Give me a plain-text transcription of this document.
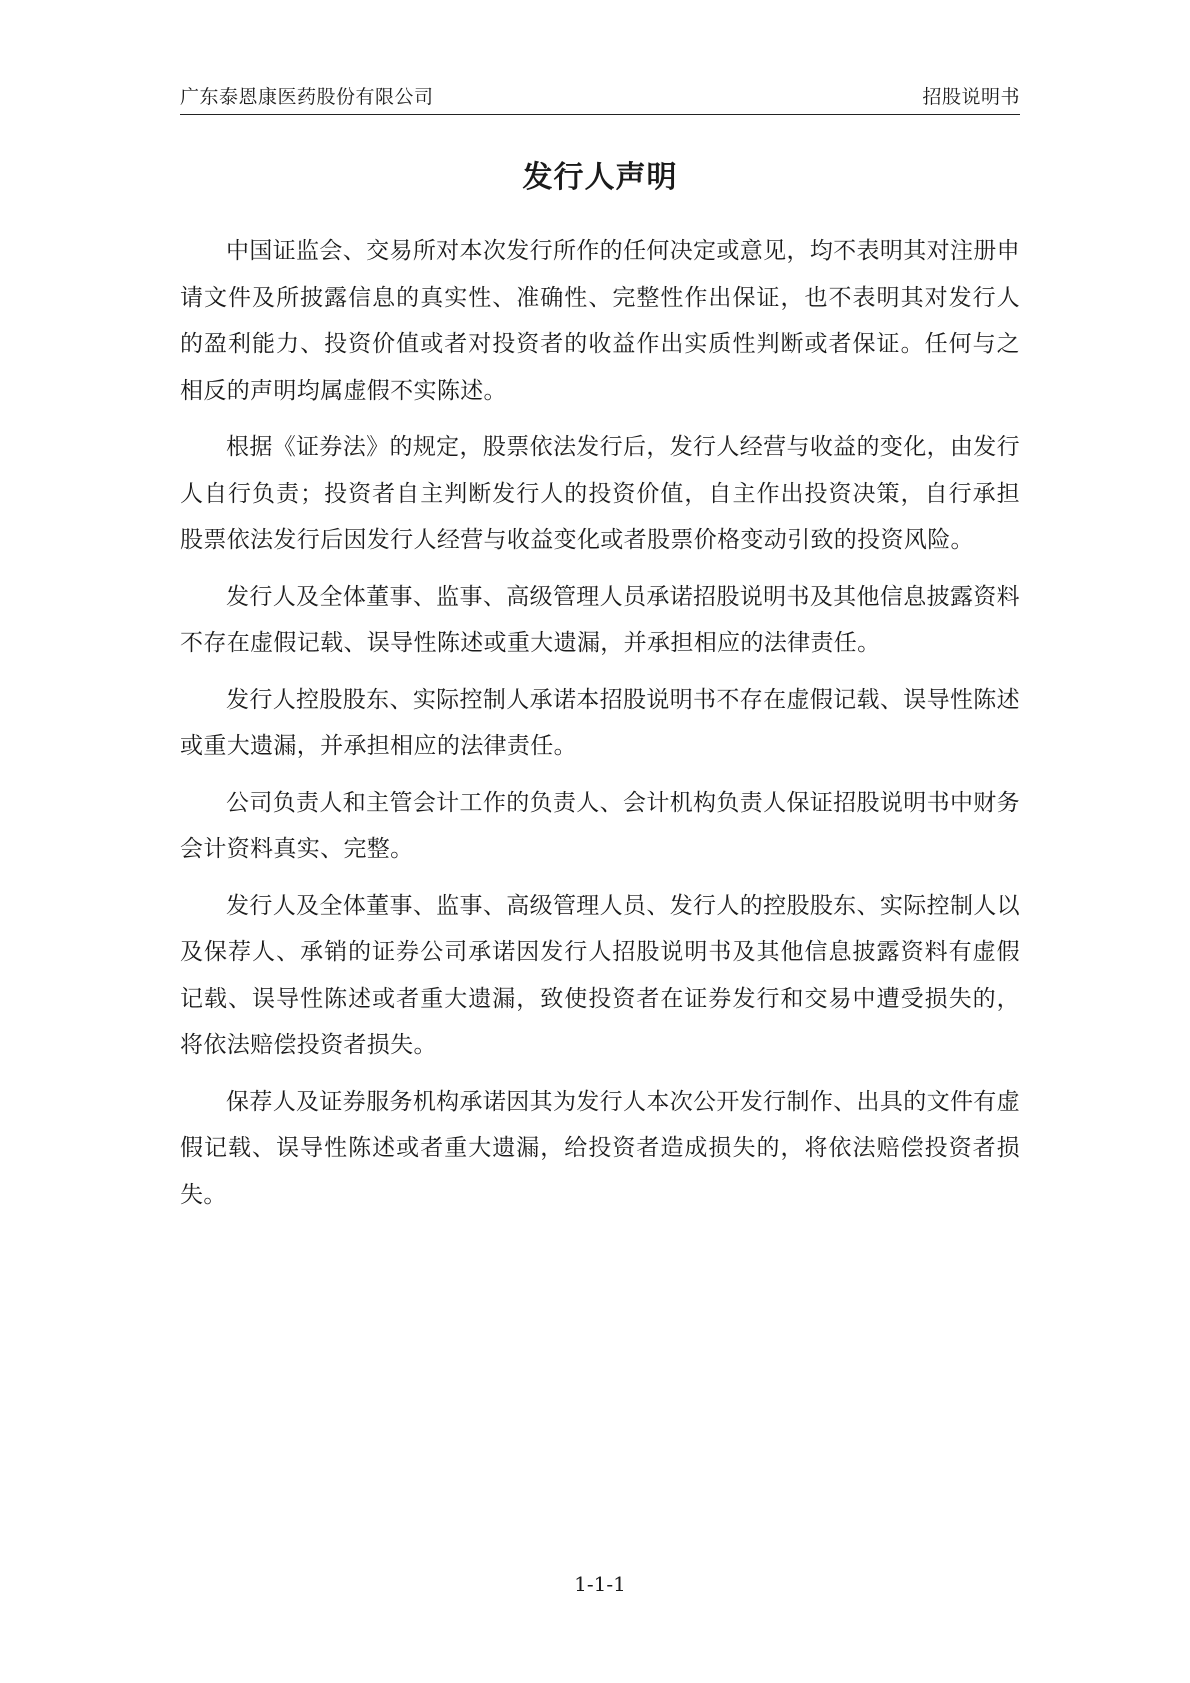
广东泰恩康医药股份有限公司	招股说明书
发行人声明

中国证监会、交易所对本次发行所作的任何决定或意见，均不表明其对注册申请文件及所披露信息的真实性、准确性、完整性作出保证，也不表明其对发行人的盈利能力、投资价值或者对投资者的收益作出实质性判断或者保证。任何与之相反的声明均属虚假不实陈述。

根据《证券法》的规定，股票依法发行后，发行人经营与收益的变化，由发行人自行负责；投资者自主判断发行人的投资价值，自主作出投资决策，自行承担股票依法发行后因发行人经营与收益变化或者股票价格变动引致的投资风险。

发行人及全体董事、监事、高级管理人员承诺招股说明书及其他信息披露资料不存在虚假记载、误导性陈述或重大遗漏，并承担相应的法律责任。

发行人控股股东、实际控制人承诺本招股说明书不存在虚假记载、误导性陈述或重大遗漏，并承担相应的法律责任。

公司负责人和主管会计工作的负责人、会计机构负责人保证招股说明书中财务会计资料真实、完整。

发行人及全体董事、监事、高级管理人员、发行人的控股股东、实际控制人以及保荐人、承销的证券公司承诺因发行人招股说明书及其他信息披露资料有虚假记载、误导性陈述或者重大遗漏，致使投资者在证券发行和交易中遭受损失的，将依法赔偿投资者损失。

保荐人及证券服务机构承诺因其为发行人本次公开发行制作、出具的文件有虚假记载、误导性陈述或者重大遗漏，给投资者造成损失的，将依法赔偿投资者损失。

1-1-1
